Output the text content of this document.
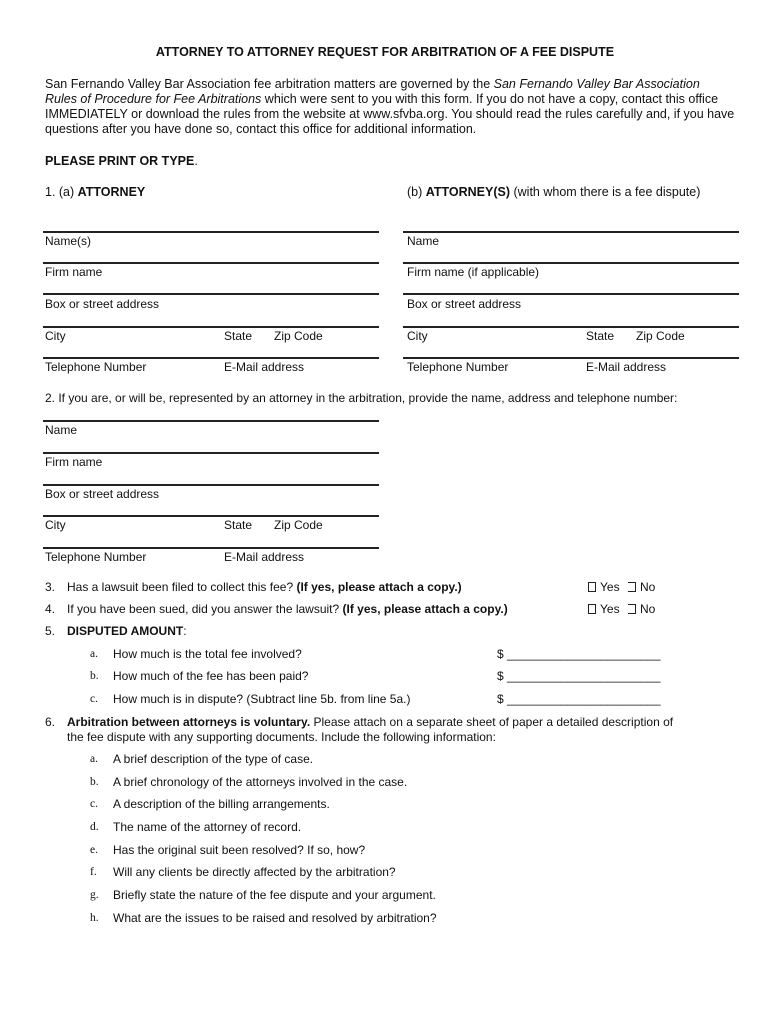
ATTORNEY TO ATTORNEY REQUEST FOR ARBITRATION OF A FEE DISPUTE
San Fernando Valley Bar Association fee arbitration matters are governed by the San Fernando Valley Bar Association Rules of Procedure for Fee Arbitrations which were sent to you with this form. If you do not have a copy, contact this office IMMEDIATELY or download the rules from the website at www.sfvba.org. You should read the rules carefully and, if you have questions after you have done so, contact this office for additional information.
PLEASE PRINT OR TYPE.
1. (a) ATTORNEY	(b) ATTORNEY(S) (with whom there is a fee dispute)
Name(s)
Firm name
Box or street address
City	State Zip Code
Telephone Number	E-Mail address
Name
Firm name (if applicable)
Box or street address
City	State Zip Code
Telephone Number	E-Mail address
2. If you are, or will be, represented by an attorney in the arbitration, provide the name, address and telephone number:
Name
Firm name
Box or street address
City	State Zip Code
Telephone Number	E-Mail address
3. Has a lawsuit been filed to collect this fee? (If yes, please attach a copy.)	Yes	No
4. If you have been sued, did you answer the lawsuit? (If yes, please attach a copy.)	Yes	No
5. DISPUTED AMOUNT:
a. How much is the total fee involved?	$ _______________________
b. How much of the fee has been paid?	$ _______________________
c. How much is in dispute? (Subtract line 5b. from line 5a.)	$ _______________________
6. Arbitration between attorneys is voluntary. Please attach on a separate sheet of paper a detailed description of
the fee dispute with any supporting documents. Include the following information:
a. A brief description of the type of case.
b. A brief chronology of the attorneys involved in the case.
c. A description of the billing arrangements.
d. The name of the attorney of record.
e. Has the original suit been resolved? If so, how?
f. Will any clients be directly affected by the arbitration?
g. Briefly state the nature of the fee dispute and your argument.
h. What are the issues to be raised and resolved by arbitration?
